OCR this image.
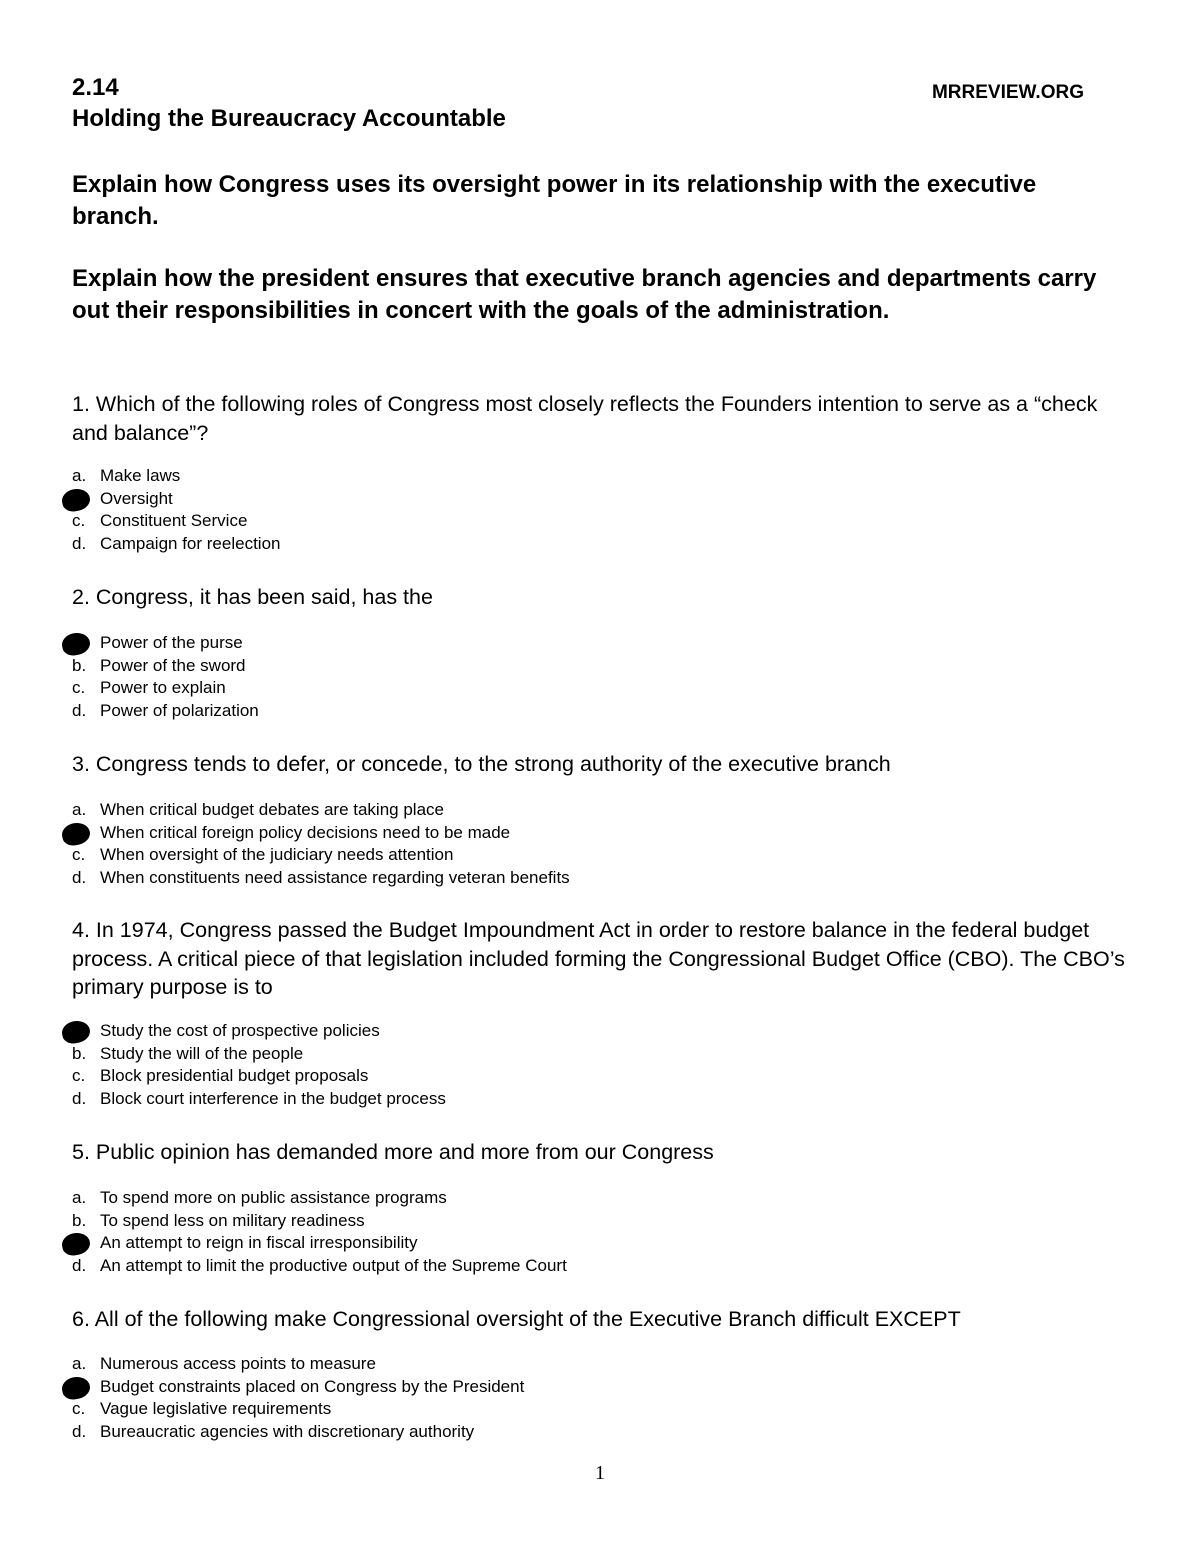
2.14	MRREVIEW.ORG
Holding the Bureaucracy Accountable
Explain how Congress uses its oversight power in its relationship with the executive branch.
Explain how the president ensures that executive branch agencies and departments carry out their responsibilities in concert with the goals of the administration.
1. Which of the following roles of Congress most closely reflects the Founders intention to serve as a “check and balance”?
a. Make laws
Oversight
c. Constituent Service
d. Campaign for reelection
2. Congress, it has been said, has the
Power of the purse
b. Power of the sword
c. Power to explain
d. Power of polarization
3. Congress tends to defer, or concede, to the strong authority of the executive branch
a. When critical budget debates are taking place
When critical foreign policy decisions need to be made
c. When oversight of the judiciary needs attention
d. When constituents need assistance regarding veteran benefits
4. In 1974, Congress passed the Budget Impoundment Act in order to restore balance in the federal budget process. A critical piece of that legislation included forming the Congressional Budget Office (CBO). The CBO’s primary purpose is to
Study the cost of prospective policies
b. Study the will of the people
c. Block presidential budget proposals
d. Block court interference in the budget process
5. Public opinion has demanded more and more from our Congress
a. To spend more on public assistance programs
b. To spend less on military readiness
An attempt to reign in fiscal irresponsibility
d. An attempt to limit the productive output of the Supreme Court
6. All of the following make Congressional oversight of the Executive Branch difficult EXCEPT
a. Numerous access points to measure
Budget constraints placed on Congress by the President
c. Vague legislative requirements
d. Bureaucratic agencies with discretionary authority
1
